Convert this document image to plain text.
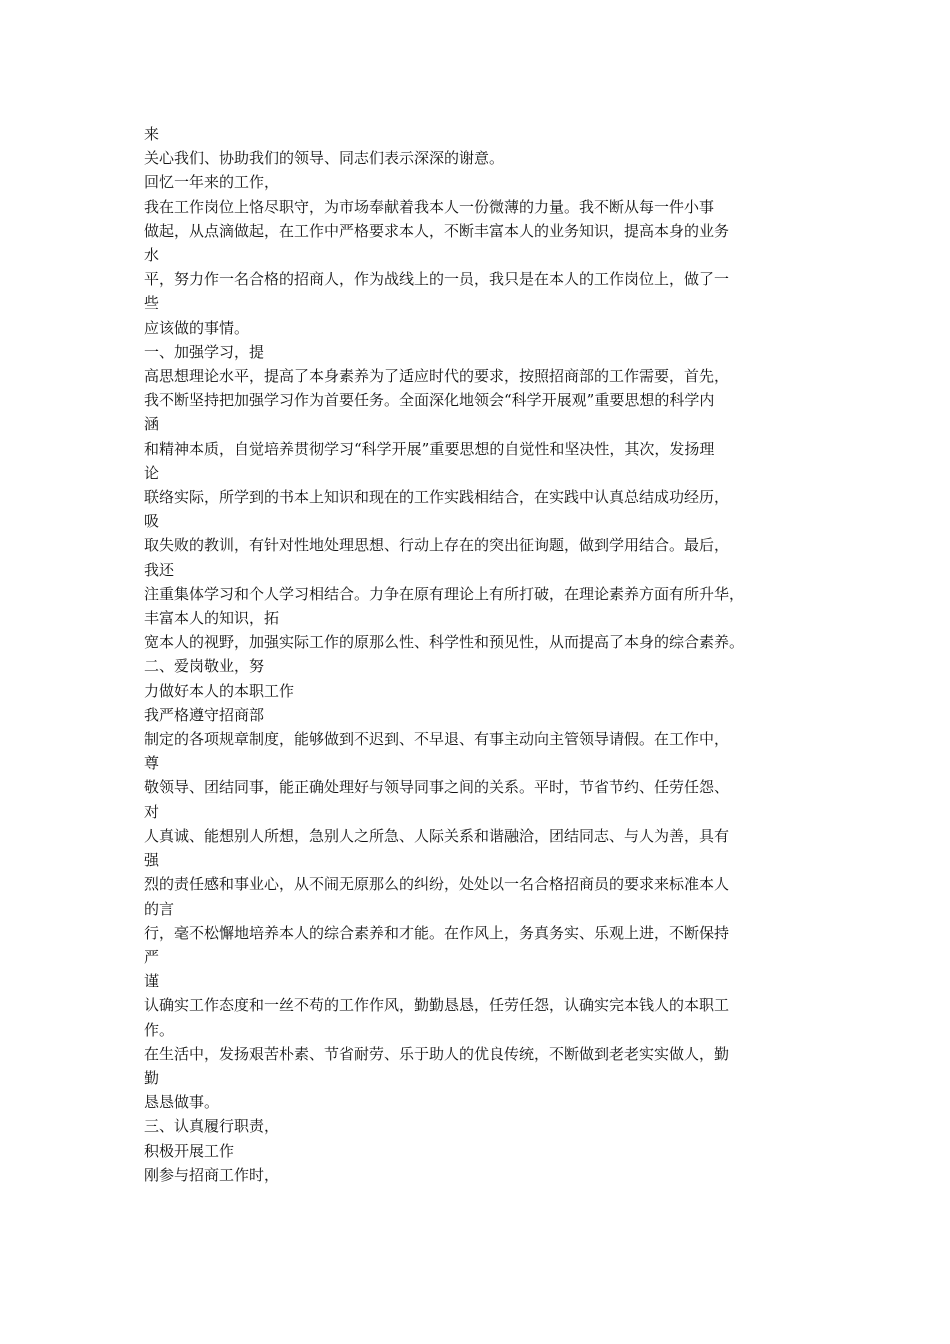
来
关心我们、协助我们的领导、同志们表示深深的谢意。
回忆一年来的工作，
我在工作岗位上恪尽职守，为市场奉献着我本人一份微薄的力量。我不断从每一件小事
做起，从点滴做起，在工作中严格要求本人，不断丰富本人的业务知识，提高本身的业务
水
平，努力作一名合格的招商人，作为战线上的一员，我只是在本人的工作岗位上，做了一
些
应该做的事情。
一、加强学习，提
高思想理论水平，提高了本身素养为了适应时代的要求，按照招商部的工作需要，首先，
我不断坚持把加强学习作为首要任务。全面深化地领会“科学开展观”重要思想的科学内
涵
和精神本质，自觉培养贯彻学习“科学开展”重要思想的自觉性和坚决性，其次，发扬理
论
联络实际，所学到的书本上知识和现在的工作实践相结合，在实践中认真总结成功经历，
吸
取失败的教训，有针对性地处理思想、行动上存在的突出征询题，做到学用结合。最后，
我还
注重集体学习和个人学习相结合。力争在原有理论上有所打破，在理论素养方面有所升华，
丰富本人的知识，拓
宽本人的视野，加强实际工作的原那么性、科学性和预见性，从而提高了本身的综合素养。
二、爱岗敬业，努
力做好本人的本职工作
我严格遵守招商部
制定的各项规章制度，能够做到不迟到、不早退、有事主动向主管领导请假。在工作中，
尊
敬领导、团结同事，能正确处理好与领导同事之间的关系。平时，节省节约、任劳任怨、
对
人真诚、能想别人所想，急别人之所急、人际关系和谐融洽，团结同志、与人为善，具有
强
烈的责任感和事业心，从不闹无原那么的纠纷，处处以一名合格招商员的要求来标准本人
的言
行，毫不松懈地培养本人的综合素养和才能。在作风上，务真务实、乐观上进，不断保持
严
谨
认确实工作态度和一丝不苟的工作作风，勤勤恳恳，任劳任怨，认确实完本钱人的本职工
作。
在生活中，发扬艰苦朴素、节省耐劳、乐于助人的优良传统，不断做到老老实实做人，勤
勤
恳恳做事。
三、认真履行职责，
积极开展工作
刚参与招商工作时，
